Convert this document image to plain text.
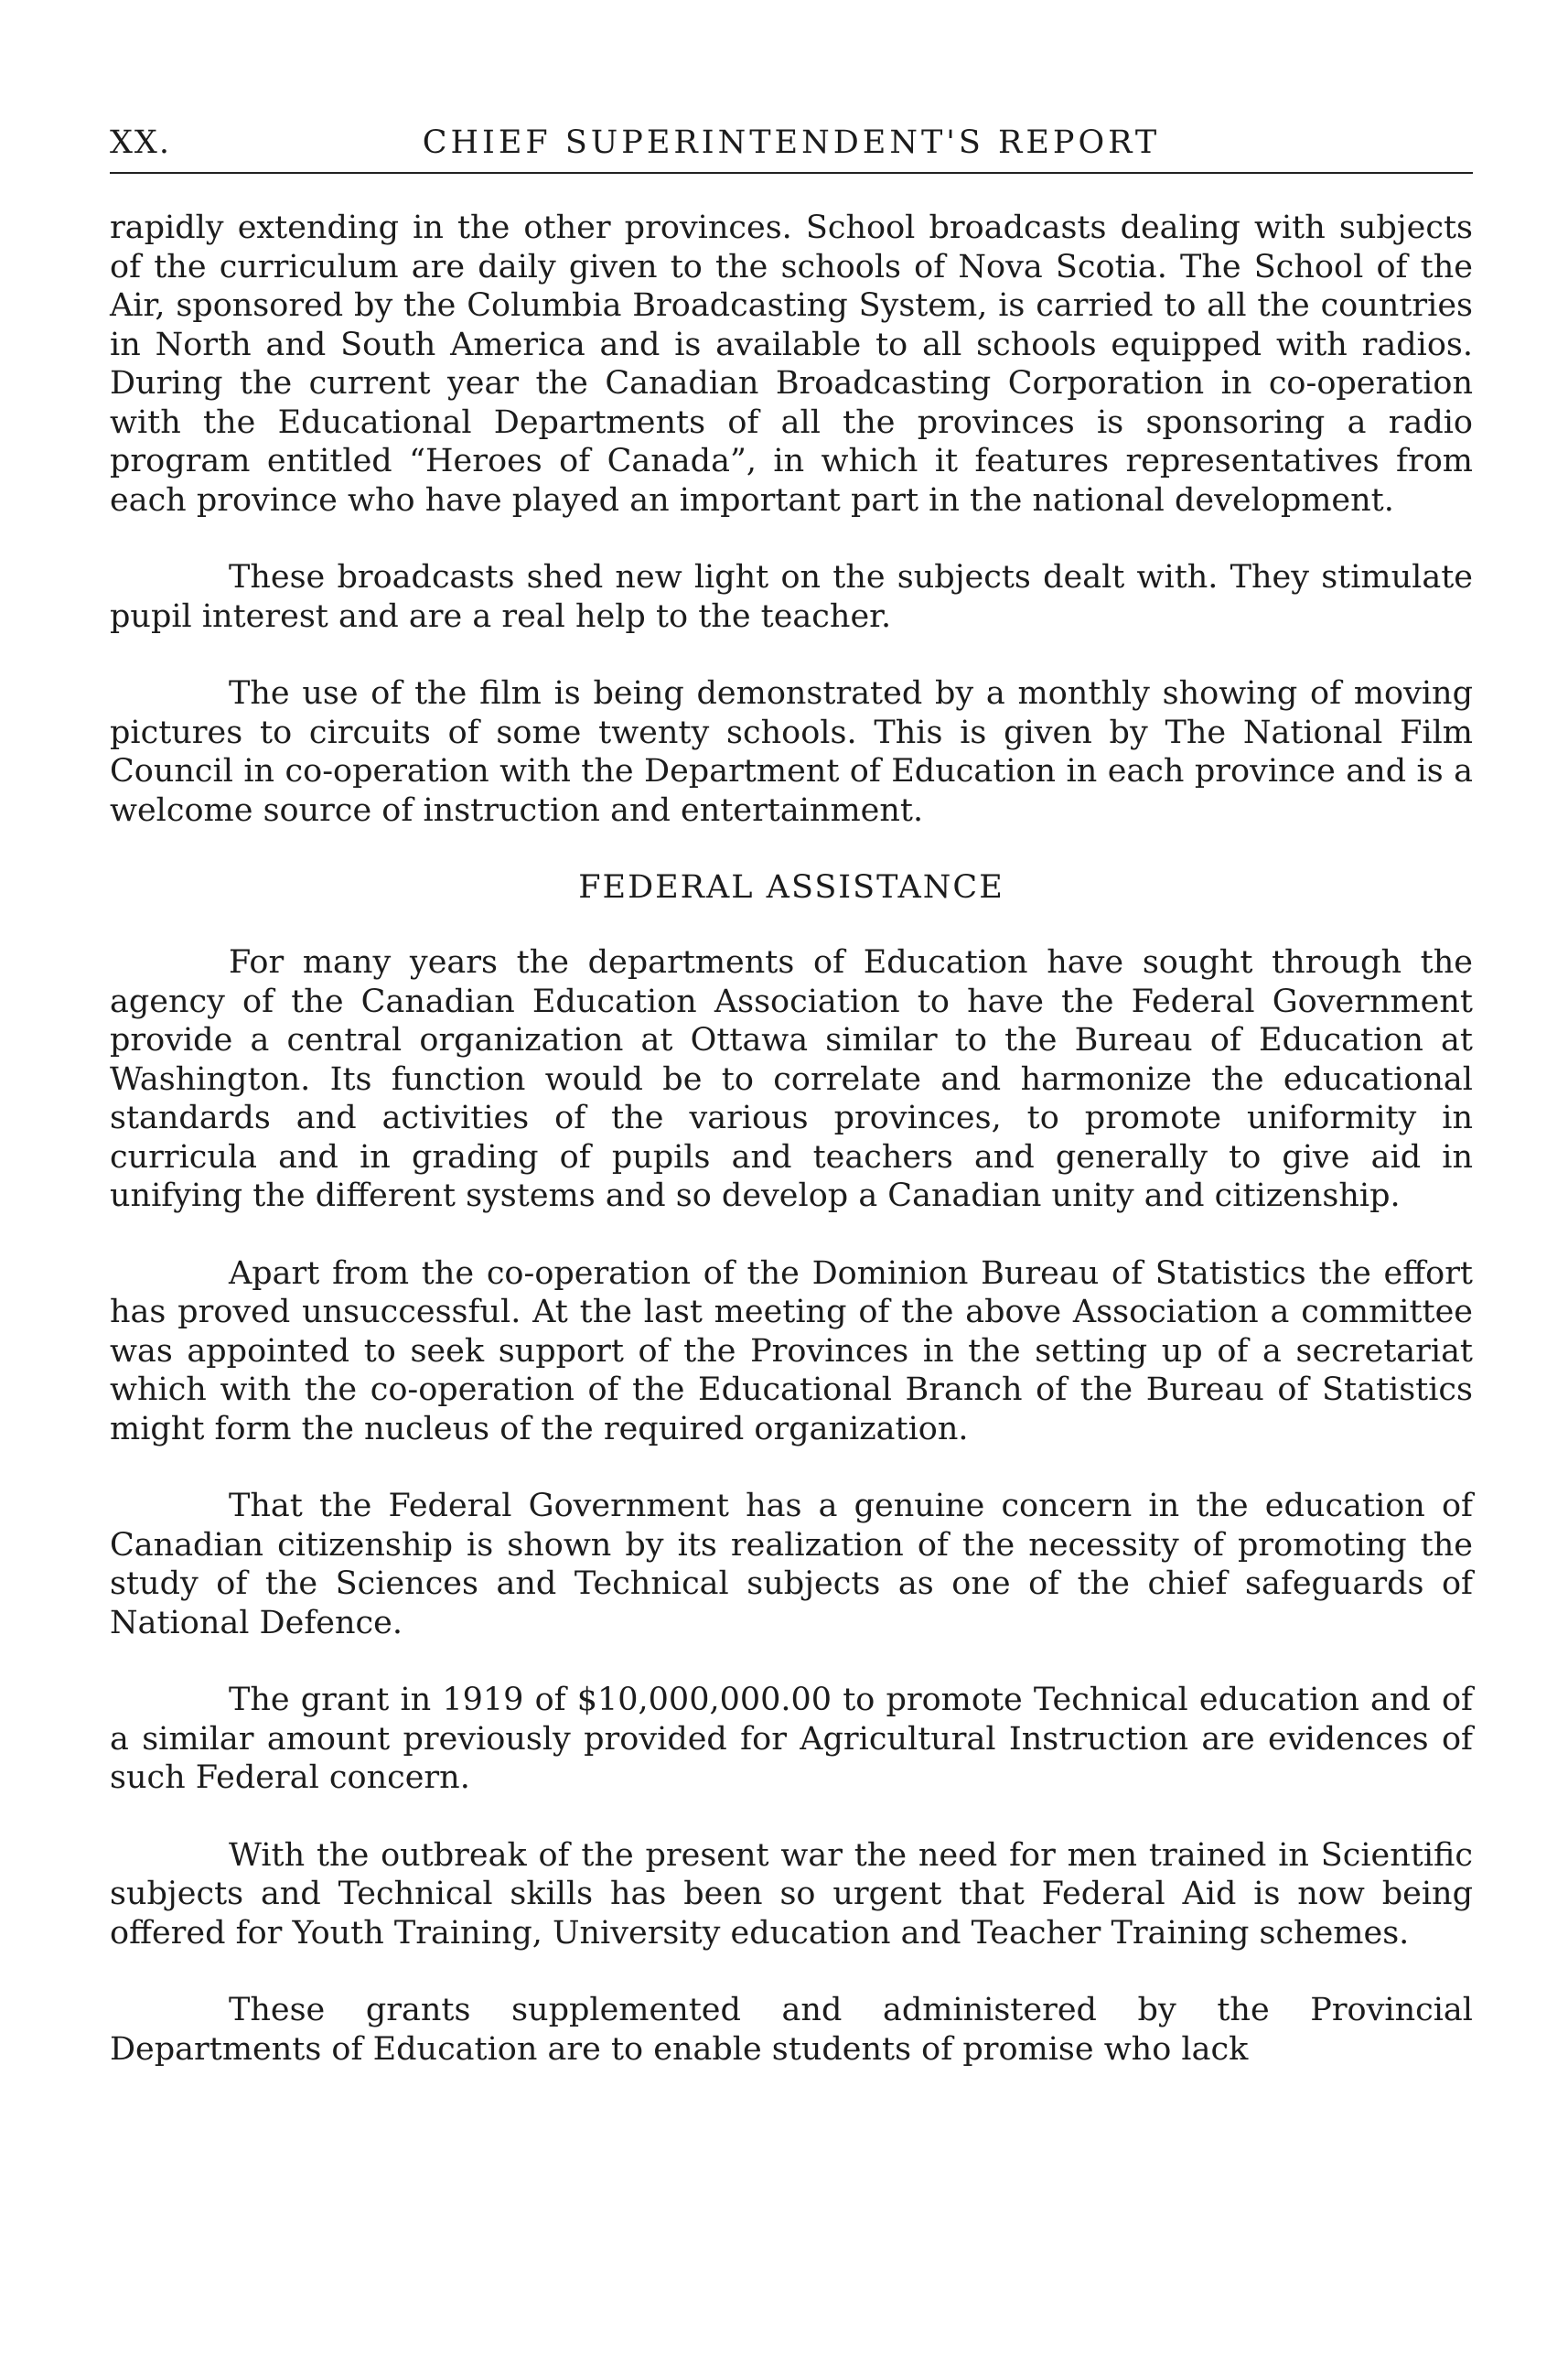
XX.	CHIEF SUPERINTENDENT'S REPORT

rapidly extending in the other provinces. School broadcasts dealing with subjects of the curriculum are daily given to the schools of Nova Scotia. The School of the Air, sponsored by the Columbia Broadcasting System, is carried to all the countries in North and South America and is available to all schools equipped with radios. During the current year the Canadian Broadcasting Corporation in co-operation with the Educational Departments of all the provinces is sponsoring a radio program entitled “Heroes of Canada”, in which it features representatives from each province who have played an important part in the national development.

These broadcasts shed new light on the subjects dealt with. They stimulate pupil interest and are a real help to the teacher.

The use of the film is being demonstrated by a monthly showing of moving pictures to circuits of some twenty schools. This is given by The National Film Council in co-operation with the Department of Education in each province and is a welcome source of instruction and entertainment.

FEDERAL ASSISTANCE

For many years the departments of Education have sought through the agency of the Canadian Education Association to have the Federal Government provide a central organization at Ottawa similar to the Bureau of Education at Washington. Its function would be to correlate and harmonize the educational standards and activities of the various provinces, to promote uniformity in curricula and in grading of pupils and teachers and generally to give aid in unifying the different systems and so develop a Canadian unity and citizenship.

Apart from the co-operation of the Dominion Bureau of Statistics the effort has proved unsuccessful. At the last meeting of the above Association a committee was appointed to seek support of the Provinces in the setting up of a secretariat which with the co-operation of the Educational Branch of the Bureau of Statistics might form the nucleus of the required organization.

That the Federal Government has a genuine concern in the education of Canadian citizenship is shown by its realization of the necessity of promoting the study of the Sciences and Technical subjects as one of the chief safeguards of National Defence.

The grant in 1919 of $10,000,000.00 to promote Technical education and of a similar amount previously provided for Agricultural Instruction are evidences of such Federal concern.

With the outbreak of the present war the need for men trained in Scientific subjects and Technical skills has been so urgent that Federal Aid is now being offered for Youth Training, University education and Teacher Training schemes.

These grants supplemented and administered by the Provincial Departments of Education are to enable students of promise who lack
